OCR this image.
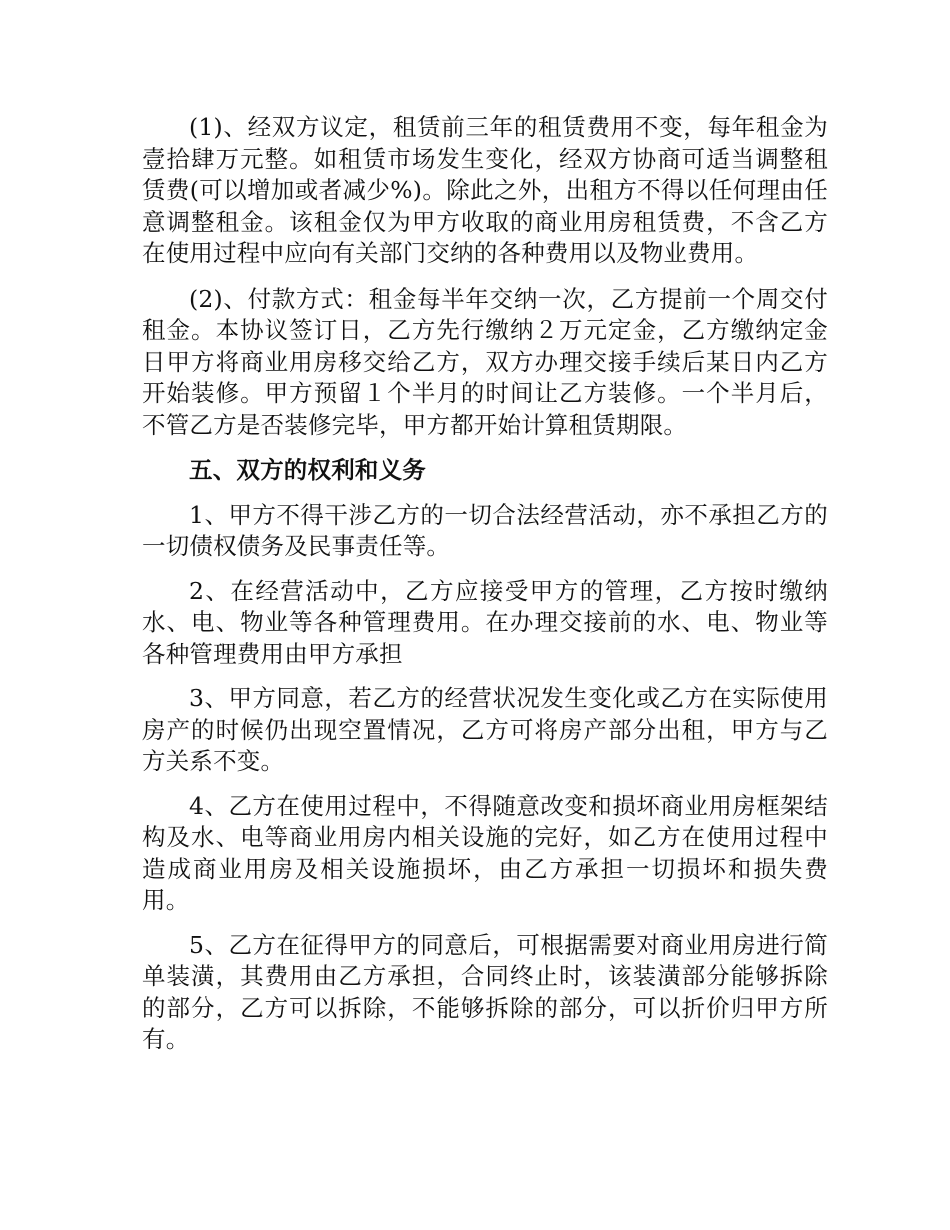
(1)、经双方议定，租赁前三年的租赁费用不变，每年租金为壹拾肆万元整。如租赁市场发生变化，经双方协商可适当调整租赁费(可以增加或者减少%)。除此之外，出租方不得以任何理由任意调整租金。该租金仅为甲方收取的商业用房租赁费，不含乙方在使用过程中应向有关部门交纳的各种费用以及物业费用。

(2)、付款方式：租金每半年交纳一次，乙方提前一个周交付租金。本协议签订日，乙方先行缴纳２万元定金，乙方缴纳定金日甲方将商业用房移交给乙方，双方办理交接手续后某日内乙方开始装修。甲方预留１个半月的时间让乙方装修。一个半月后，不管乙方是否装修完毕，甲方都开始计算租赁期限。

五、双方的权利和义务

1、甲方不得干涉乙方的一切合法经营活动，亦不承担乙方的一切债权债务及民事责任等。

2、在经营活动中，乙方应接受甲方的管理，乙方按时缴纳水、电、物业等各种管理费用。在办理交接前的水、电、物业等各种管理费用由甲方承担

3、甲方同意，若乙方的经营状况发生变化或乙方在实际使用房产的时候仍出现空置情况，乙方可将房产部分出租，甲方与乙方关系不变。

4、乙方在使用过程中，不得随意改变和损坏商业用房框架结构及水、电等商业用房内相关设施的完好，如乙方在使用过程中造成商业用房及相关设施损坏，由乙方承担一切损坏和损失费用。

5、乙方在征得甲方的同意后，可根据需要对商业用房进行简单装潢，其费用由乙方承担，合同终止时，该装潢部分能够拆除的部分，乙方可以拆除，不能够拆除的部分，可以折价归甲方所有。
